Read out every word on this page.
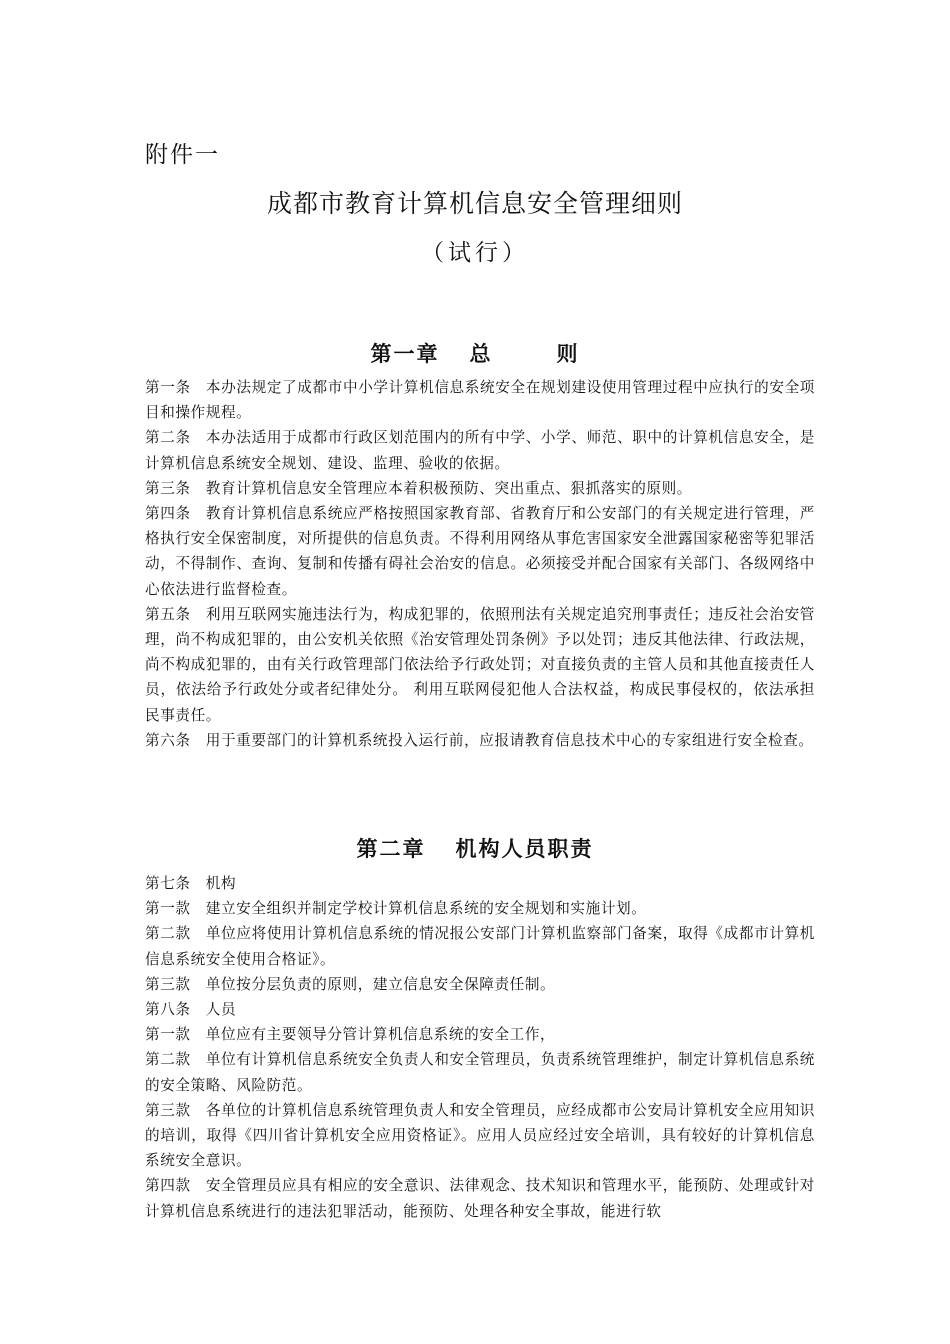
附件一
成都市教育计算机信息安全管理细则
（试行）
第一章 总	则

第一条　本办法规定了成都市中小学计算机信息系统安全在规划建设使用管理过程中应执行的安全项目和操作规程。

第二条　本办法适用于成都市行政区划范围内的所有中学、小学、师范、职中的计算机信息安全，是计算机信息系统安全规划、建设、监理、验收的依据。

第三条　教育计算机信息安全管理应本着积极预防、突出重点、狠抓落实的原则。

第四条　教育计算机信息系统应严格按照国家教育部、省教育厅和公安部门的有关规定进行管理，严格执行安全保密制度，对所提供的信息负责。不得利用网络从事危害国家安全泄露国家秘密等犯罪活动，不得制作、查询、复制和传播有碍社会治安的信息。必须接受并配合国家有关部门、各级网络中心依法进行监督检查。

第五条　利用互联网实施违法行为，构成犯罪的，依照刑法有关规定追究刑事责任；违反社会治安管理，尚不构成犯罪的，由公安机关依照《治安管理处罚条例》予以处罚；违反其他法律、行政法规，尚不构成犯罪的，由有关行政管理部门依法给予行政处罚；对直接负责的主管人员和其他直接责任人员，依法给予行政处分或者纪律处分。 利用互联网侵犯他人合法权益，构成民事侵权的，依法承担民事责任。

第六条　用于重要部门的计算机系统投入运行前，应报请教育信息技术中心的专家组进行安全检查。

第二章 机构人员职责

第七条　机构

第一款　建立安全组织并制定学校计算机信息系统的安全规划和实施计划。

第二款　单位应将使用计算机信息系统的情况报公安部门计算机监察部门备案，取得《成都市计算机信息系统安全使用合格证》。

第三款　单位按分层负责的原则，建立信息安全保障责任制。

第八条　人员

第一款　单位应有主要领导分管计算机信息系统的安全工作，

第二款　单位有计算机信息系统安全负责人和安全管理员，负责系统管理维护，制定计算机信息系统的安全策略、风险防范。

第三款　各单位的计算机信息系统管理负责人和安全管理员，应经成都市公安局计算机安全应用知识的培训，取得《四川省计算机安全应用资格证》。应用人员应经过安全培训，具有较好的计算机信息系统安全意识。

第四款　安全管理员应具有相应的安全意识、法律观念、技术知识和管理水平，能预防、处理或针对计算机信息系统进行的违法犯罪活动，能预防、处理各种安全事故，能进行软
